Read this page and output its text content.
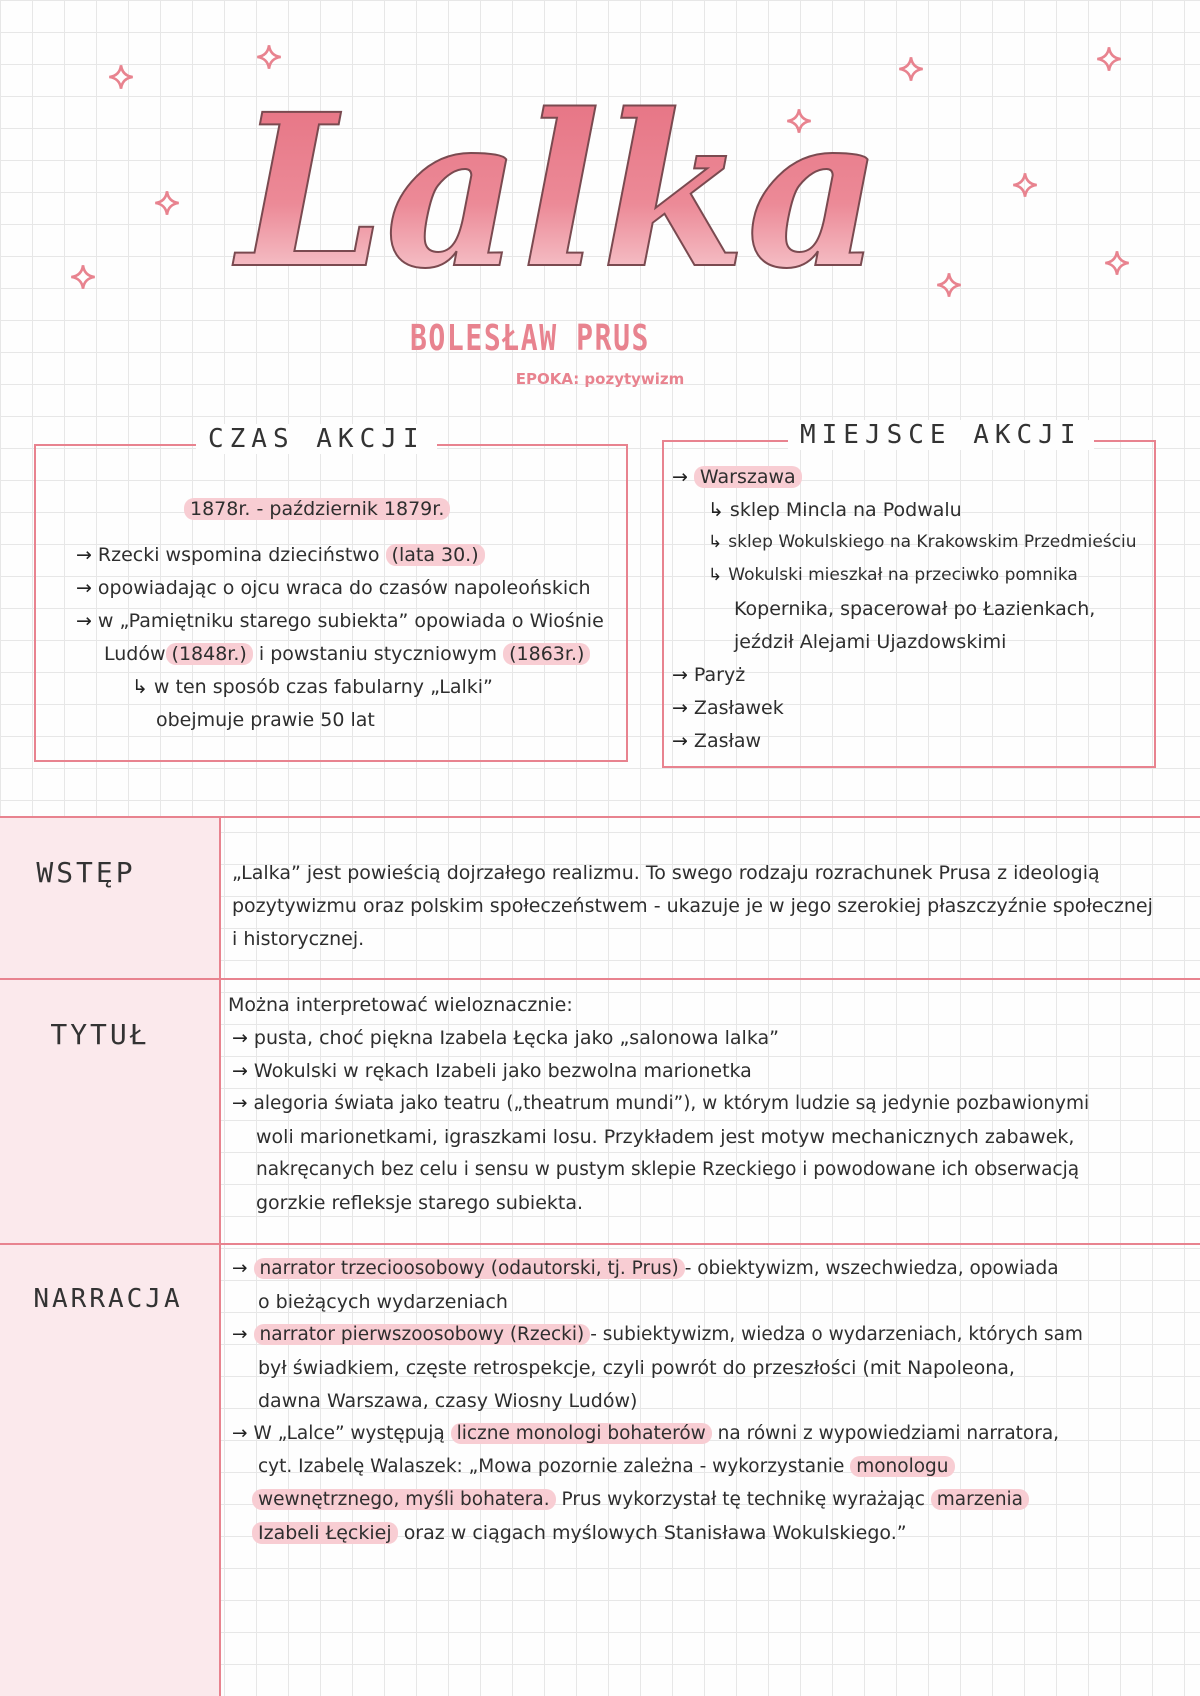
Lalka
BOLESŁAW PRUS
EPOKA: pozytywizm
CZAS AKCJI
1878r. - październik 1879r.
→ Rzecki wspomina dzieciństwo (lata 30.)
→ opowiadając o ojcu wraca do czasów napoleońskich
→ w „Pamiętniku starego subiekta” opowiada o Wiośnie
Ludów (1848r.) i powstaniu styczniowym (1863r.)
↳ w ten sposób czas fabularny „Lalki”
obejmuje prawie 50 lat
MIEJSCE AKCJI
→ Warszawa
↳ sklep Mincla na Podwalu
↳ sklep Wokulskiego na Krakowskim Przedmieściu
↳ Wokulski mieszkał na przeciwko pomnika
Kopernika, spacerował po Łazienkach,
jeździł Alejami Ujazdowskimi
→ Paryż
→ Zasławek
→ Zasław
WSTĘP	„Lalka” jest powieścią dojrzałego realizmu. To swego rodzaju rozrachunek Prusa z ideologią
pozytywizmu oraz polskim społeczeństwem - ukazuje je w jego szerokiej płaszczyźnie społecznej
i historycznej.
TYTUŁ
Można interpretować wieloznacznie:
→ pusta, choć piękna Izabela Łęcka jako „salonowa lalka”
→ Wokulski w rękach Izabeli jako bezwolna marionetka
→ alegoria świata jako teatru („theatrum mundi”), w którym ludzie są jedynie pozbawionymi
woli marionetkami, igraszkami losu. Przykładem jest motyw mechanicznych zabawek,
nakręcanych bez celu i sensu w pustym sklepie Rzeckiego i powodowane ich obserwacją
gorzkie refleksje starego subiekta.
NARRACJA
→ narrator trzecioosobowy (odautorski, tj. Prus) - obiektywizm, wszechwiedza, opowiada
o bieżących wydarzeniach
→ narrator pierwszoosobowy (Rzecki) - subiektywizm, wiedza o wydarzeniach, których sam
był świadkiem, częste retrospekcje, czyli powrót do przeszłości (mit Napoleona,
dawna Warszawa, czasy Wiosny Ludów)
→ W „Lalce” występują liczne monologi bohaterów na równi z wypowiedziami narratora,
cyt. Izabelę Walaszek: „Mowa pozornie zależna - wykorzystanie monologu
wewnętrznego, myśli bohatera. Prus wykorzystał tę technikę wyrażając marzenia
Izabeli Łęckiej oraz w ciągach myślowych Stanisława Wokulskiego.”
